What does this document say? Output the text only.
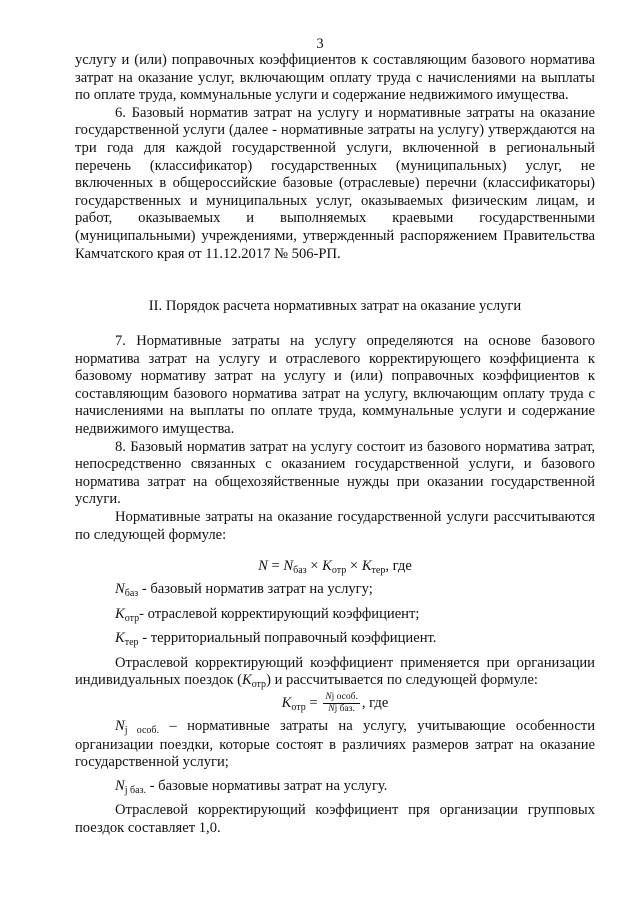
3

услугу и (или) поправочных коэффициентов к составляющим базового норматива затрат на оказание услуг, включающим оплату труда с начислениями на выплаты по оплате труда, коммунальные услуги и содержание недвижимого имущества.

6. Базовый норматив затрат на услугу и нормативные затраты на оказание государственной услуги (далее - нормативные затраты на услугу) утверждаются на три года для каждой государственной услуги, включенной в региональный перечень (классификатор) государственных (муниципальных) услуг, не включенных в общероссийские базовые (отраслевые) перечни (классификаторы) государственных и муниципальных услуг, оказываемых физическим лицам, и работ, оказываемых и выполняемых краевыми государственными (муниципальными) учреждениями, утвержденный распоряжением Правительства Камчатского края от 11.12.2017 № 506-РП.

II. Порядок расчета нормативных затрат на оказание услуги

7. Нормативные затраты на услугу определяются на основе базового норматива затрат на услугу и отраслевого корректирующего коэффициента к базовому нормативу затрат на услугу и (или) поправочных коэффициентов к составляющим базового норматива затрат на услугу, включающим оплату труда с начислениями на выплаты по оплате труда, коммунальные услуги и содержание недвижимого имущества.

8. Базовый норматив затрат на услугу состоит из базового норматива затрат, непосредственно связанных с оказанием государственной услуги, и базового норматива затрат на общехозяйственные нужды при оказании государственной услуги.

Нормативные затраты на оказание государственной услуги рассчитываются по следующей формуле:

$N = N_{баз} \times K_{отр} \times K_{тер}$, где

$N_{баз}$ - базовый норматив затрат на услугу;

$K_{отр}-$ отраслевой корректирующий коэффициент;

$K_{тер}$ - территориальный поправочный коэффициент.

Отраслевой корректирующий коэффициент применяется при организации индивидуальных поездок $(K_{отр})$ и рассчитывается по следующей формуле:

$K_{отр} = \frac{\text{Nj особ.}}{\text{Nj баз.}}$ , где

$N_{j особ.}$ – нормативные затраты на услугу, учитывающие особенности организации поездки, которые состоят в различиях размеров затрат на оказание государственной услуги;

$N_{j баз.}$ - базовые нормативы затрат на услугу.

Отраслевой корректирующий коэффициент пря организации групповых поездок составляет 1,0.
